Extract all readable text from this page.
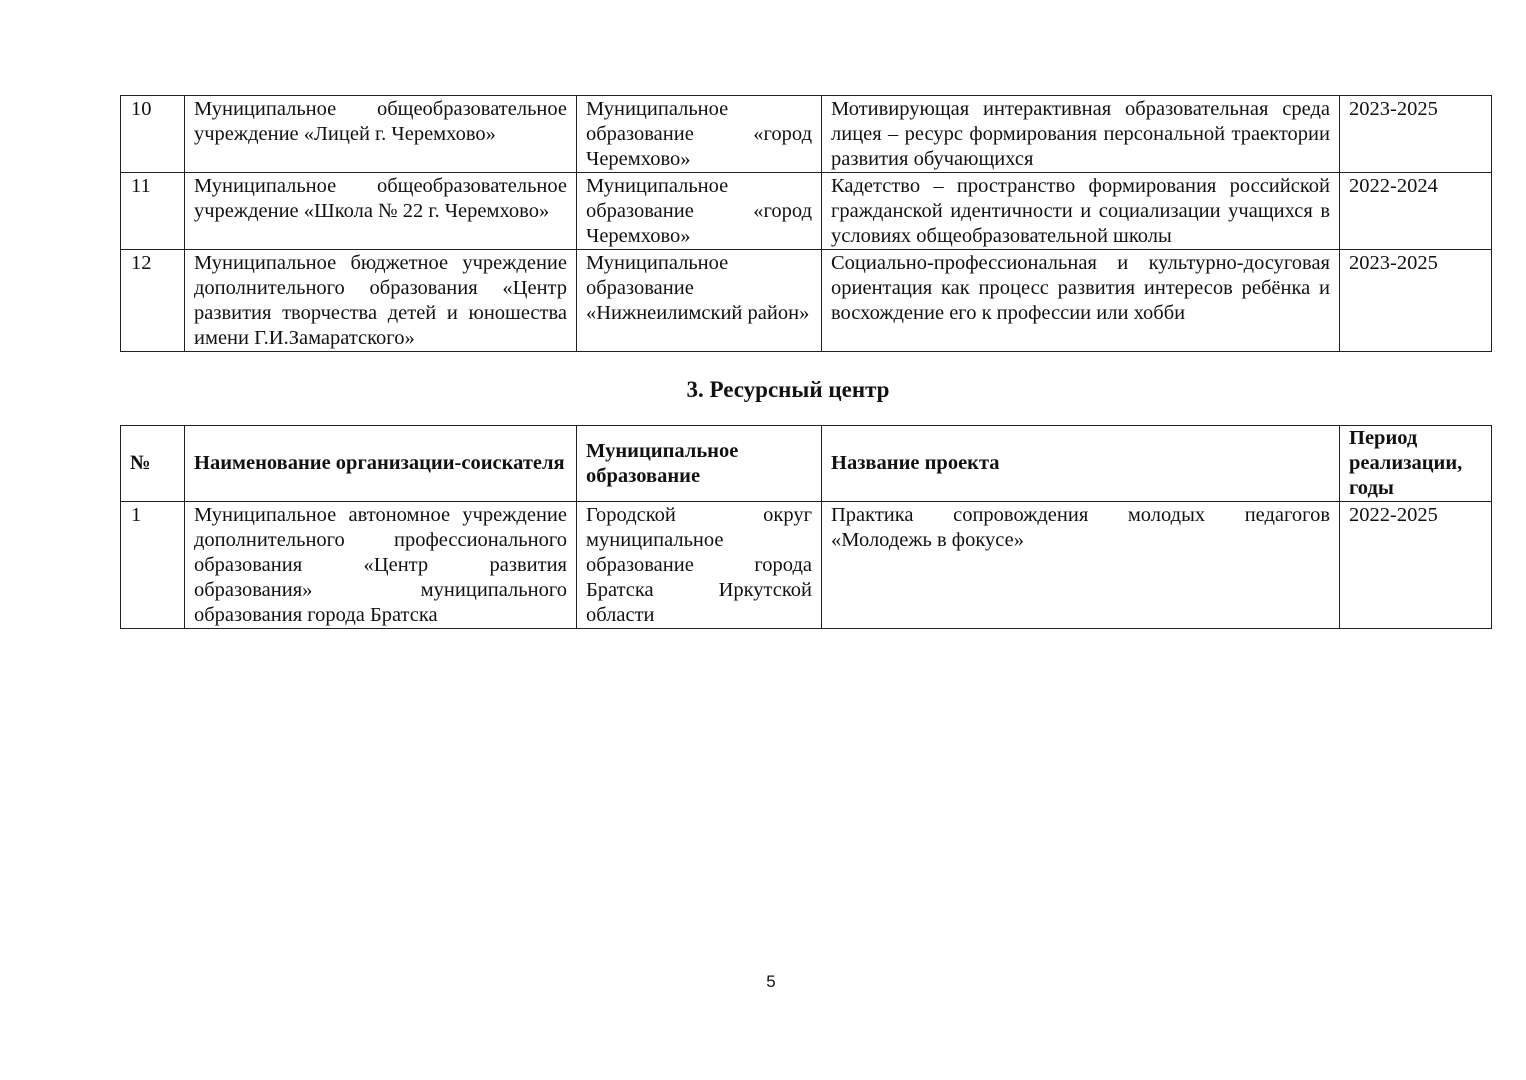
10	Муниципальное общеобразовательное учреждение «Лицей г. Черемхово»	Муниципальное образование «город Черемхово»	Мотивирующая интерактивная образовательная среда лицея – ресурс формирования персональной траектории развития обучающихся	2023-2025
11	Муниципальное общеобразовательное учреждение «Школа № 22 г. Черемхово»	Муниципальное образование «город Черемхово»	Кадетство – пространство формирования российской гражданской идентичности и социализации учащихся в условиях общеобразовательной школы	2022-2024
12	Муниципальное бюджетное учреждение дополнительного образования «Центр развития творчества детей и юношества имени Г.И.Замаратского»	Муниципальное образование «Нижнеилимский район»	Социально-профессиональная и культурно-досуговая ориентация как процесс развития интересов ребёнка и восхождение его к профессии или хобби	2023-2025
3. Ресурсный центр
№	Наименование организации-соискателя	Муниципальное образование	Название проекта	Период реализации, годы
1	Муниципальное автономное учреждение дополнительного профессионального образования «Центр развития образования» муниципального образования города Братска	Городской округ муниципальное образование города Братска Иркутской области	Практика сопровождения молодых педагогов «Молодежь в фокусе»	2022-2025
5
